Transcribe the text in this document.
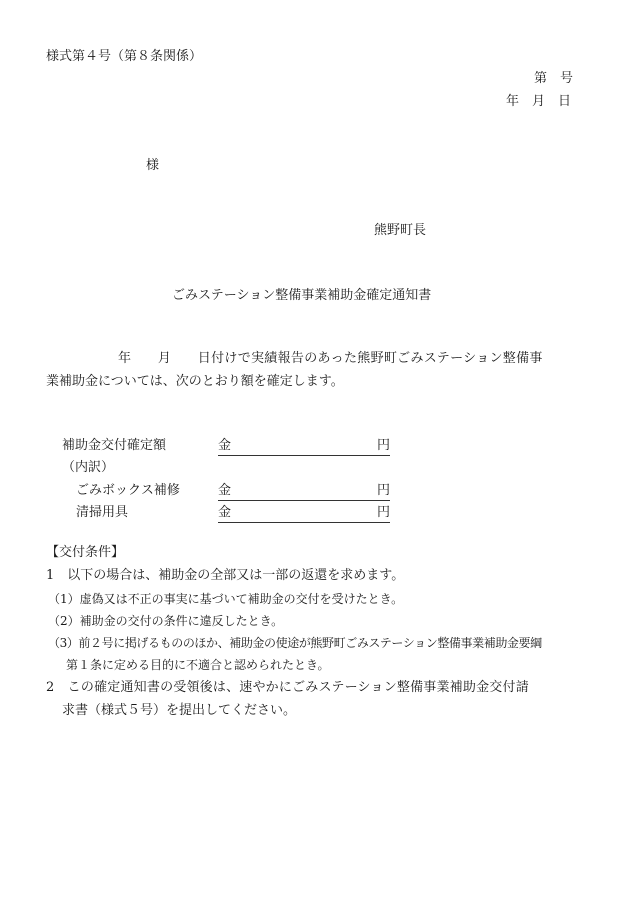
様式第４号（第８条関係）
第　号
年　月　日
様
熊野町長
ごみステーション整備事業補助金確定通知書
年　　月　　日付けで実績報告のあった熊野町ごみステーション整備事
業補助金については、次のとおり額を確定します。
補助金交付確定額	金	円
（内訳）
ごみボックス補修	金	円
清掃用具	金	円
【交付条件】
1　以下の場合は、補助金の全部又は一部の返還を求めます。
（1）虚偽又は不正の事実に基づいて補助金の交付を受けたとき。
（2）補助金の交付の条件に違反したとき。
（3）前２号に掲げるもののほか、補助金の使途が熊野町ごみステーション整備事業補助金要綱
第１条に定める目的に不適合と認められたとき。
2　この確定通知書の受領後は、速やかにごみステーション整備事業補助金交付請
求書（様式５号）を提出してください。
